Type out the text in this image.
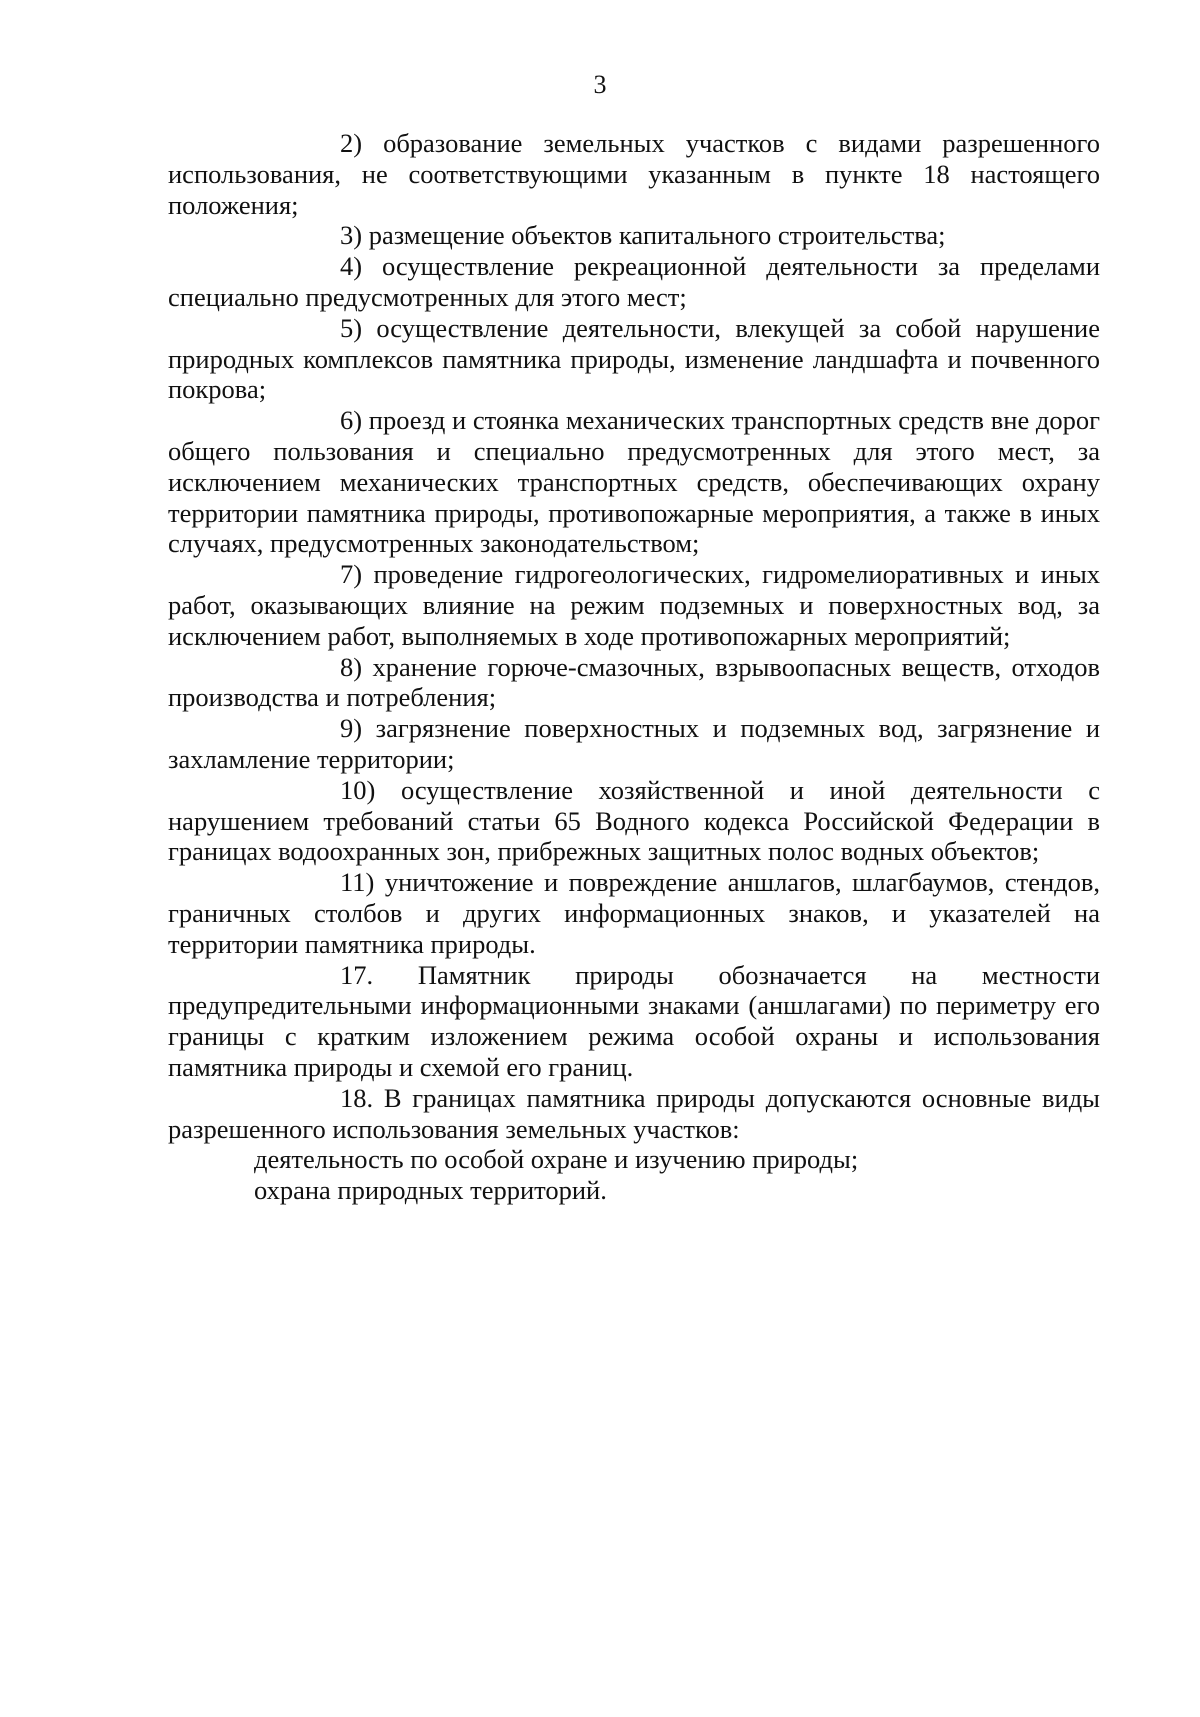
3

2) образование земельных участков с видами разрешенного использования, не соответствующими указанным в пункте 18 настоящего положения;

3) размещение объектов капитального строительства;

4) осуществление рекреационной деятельности за пределами специально предусмотренных для этого мест;

5) осуществление деятельности, влекущей за собой нарушение природных комплексов памятника природы, изменение ландшафта и почвенного покрова;

6) проезд и стоянка механических транспортных средств вне дорог общего пользования и специально предусмотренных для этого мест, за исключением механических транспортных средств, обеспечивающих охрану территории памятника природы, противопожарные мероприятия, а также в иных случаях, предусмотренных законодательством;

7) проведение гидрогеологических, гидромелиоративных и иных работ, оказывающих влияние на режим подземных и поверхностных вод, за исключением работ, выполняемых в ходе противопожарных мероприятий;

8) хранение горюче-смазочных, взрывоопасных веществ, отходов производства и потребления;

9) загрязнение поверхностных и подземных вод, загрязнение и захламление территории;

10) осуществление хозяйственной и иной деятельности с нарушением требований статьи 65 Водного кодекса Российской Федерации в границах водоохранных зон, прибрежных защитных полос водных объектов;

11) уничтожение и повреждение аншлагов, шлагбаумов, стендов, граничных столбов и других информационных знаков, и указателей на территории памятника природы.

17. Памятник природы обозначается на местности предупредительными информационными знаками (аншлагами) по периметру его границы с кратким изложением режима особой охраны и использования памятника природы и схемой его границ.

18. В границах памятника природы допускаются основные виды разрешенного использования земельных участков:

деятельность по особой охране и изучению природы;

охрана природных территорий.
